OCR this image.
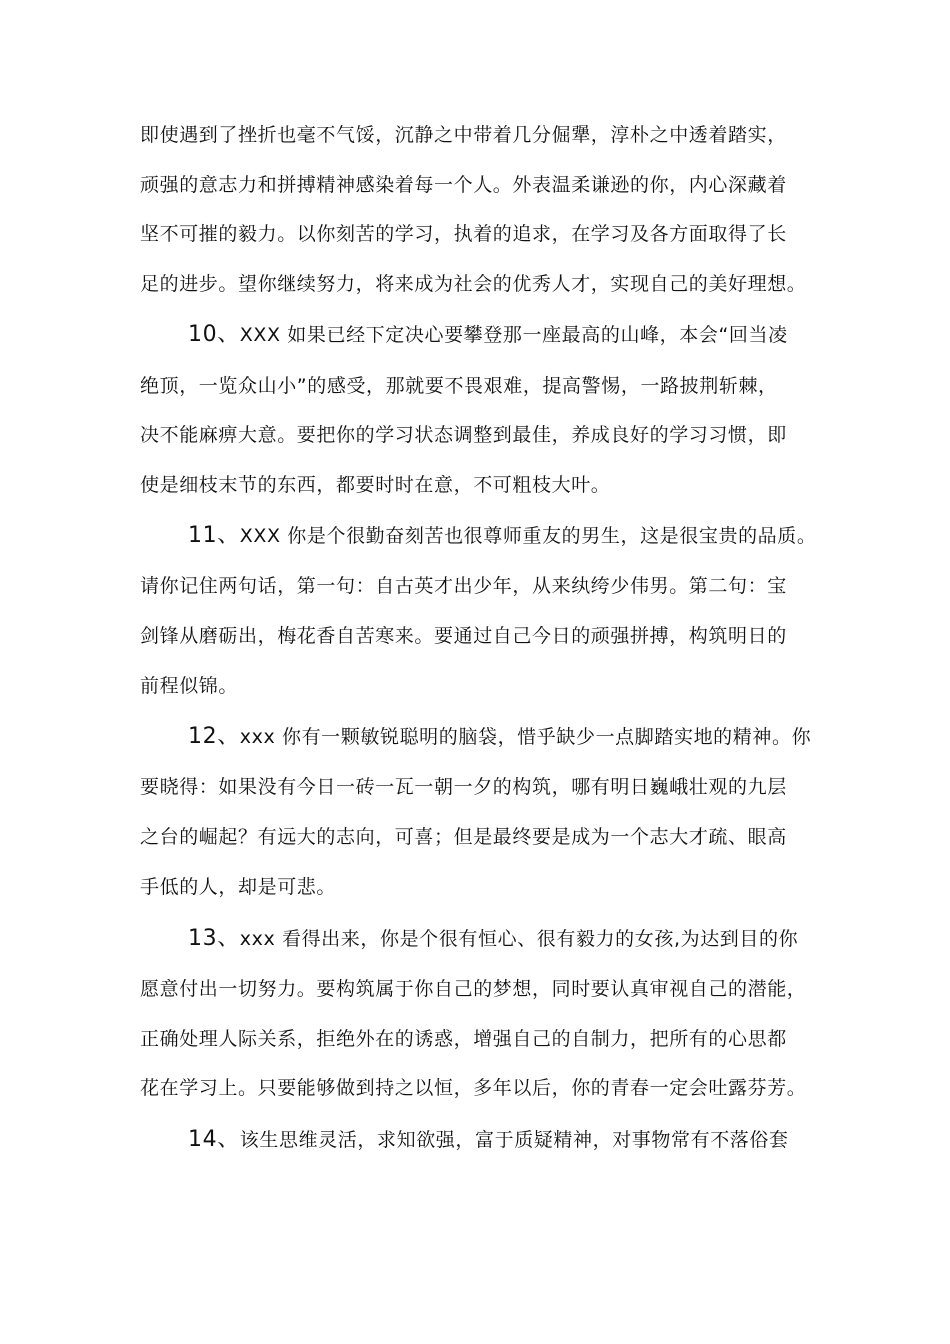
即使遇到了挫折也毫不气馁，沉静之中带着几分倔犟，淳朴之中透着踏实，
顽强的意志力和拼搏精神感染着每一个人。外表温柔谦逊的你，内心深藏着
坚不可摧的毅力。以你刻苦的学习，执着的追求，在学习及各方面取得了长
足的进步。望你继续努力，将来成为社会的优秀人才，实现自己的美好理想。
10、XXX 如果已经下定决心要攀登那一座最高的山峰，本会“回当凌
绝顶，一览众山小”的感受，那就要不畏艰难，提高警惕，一路披荆斩棘，
决不能麻痹大意。要把你的学习状态调整到最佳，养成良好的学习习惯，即
使是细枝末节的东西，都要时时在意，不可粗枝大叶。
11、XXX 你是个很勤奋刻苦也很尊师重友的男生，这是很宝贵的品质。
请你记住两句话，第一句：自古英才出少年，从来纨绔少伟男。第二句：宝
剑锋从磨砺出，梅花香自苦寒来。要通过自己今日的顽强拼搏，构筑明日的
前程似锦。
12、xxx 你有一颗敏锐聪明的脑袋，惜乎缺少一点脚踏实地的精神。你
要晓得：如果没有今日一砖一瓦一朝一夕的构筑，哪有明日巍峨壮观的九层
之台的崛起？有远大的志向，可喜；但是最终要是成为一个志大才疏、眼高
手低的人，却是可悲。
13、xxx 看得出来，你是个很有恒心、很有毅力的女孩,为达到目的你
愿意付出一切努力。要构筑属于你自己的梦想，同时要认真审视自己的潜能，
正确处理人际关系，拒绝外在的诱惑，增强自己的自制力，把所有的心思都
花在学习上。只要能够做到持之以恒，多年以后，你的青春一定会吐露芬芳。
14、该生思维灵活，求知欲强，富于质疑精神，对事物常有不落俗套
